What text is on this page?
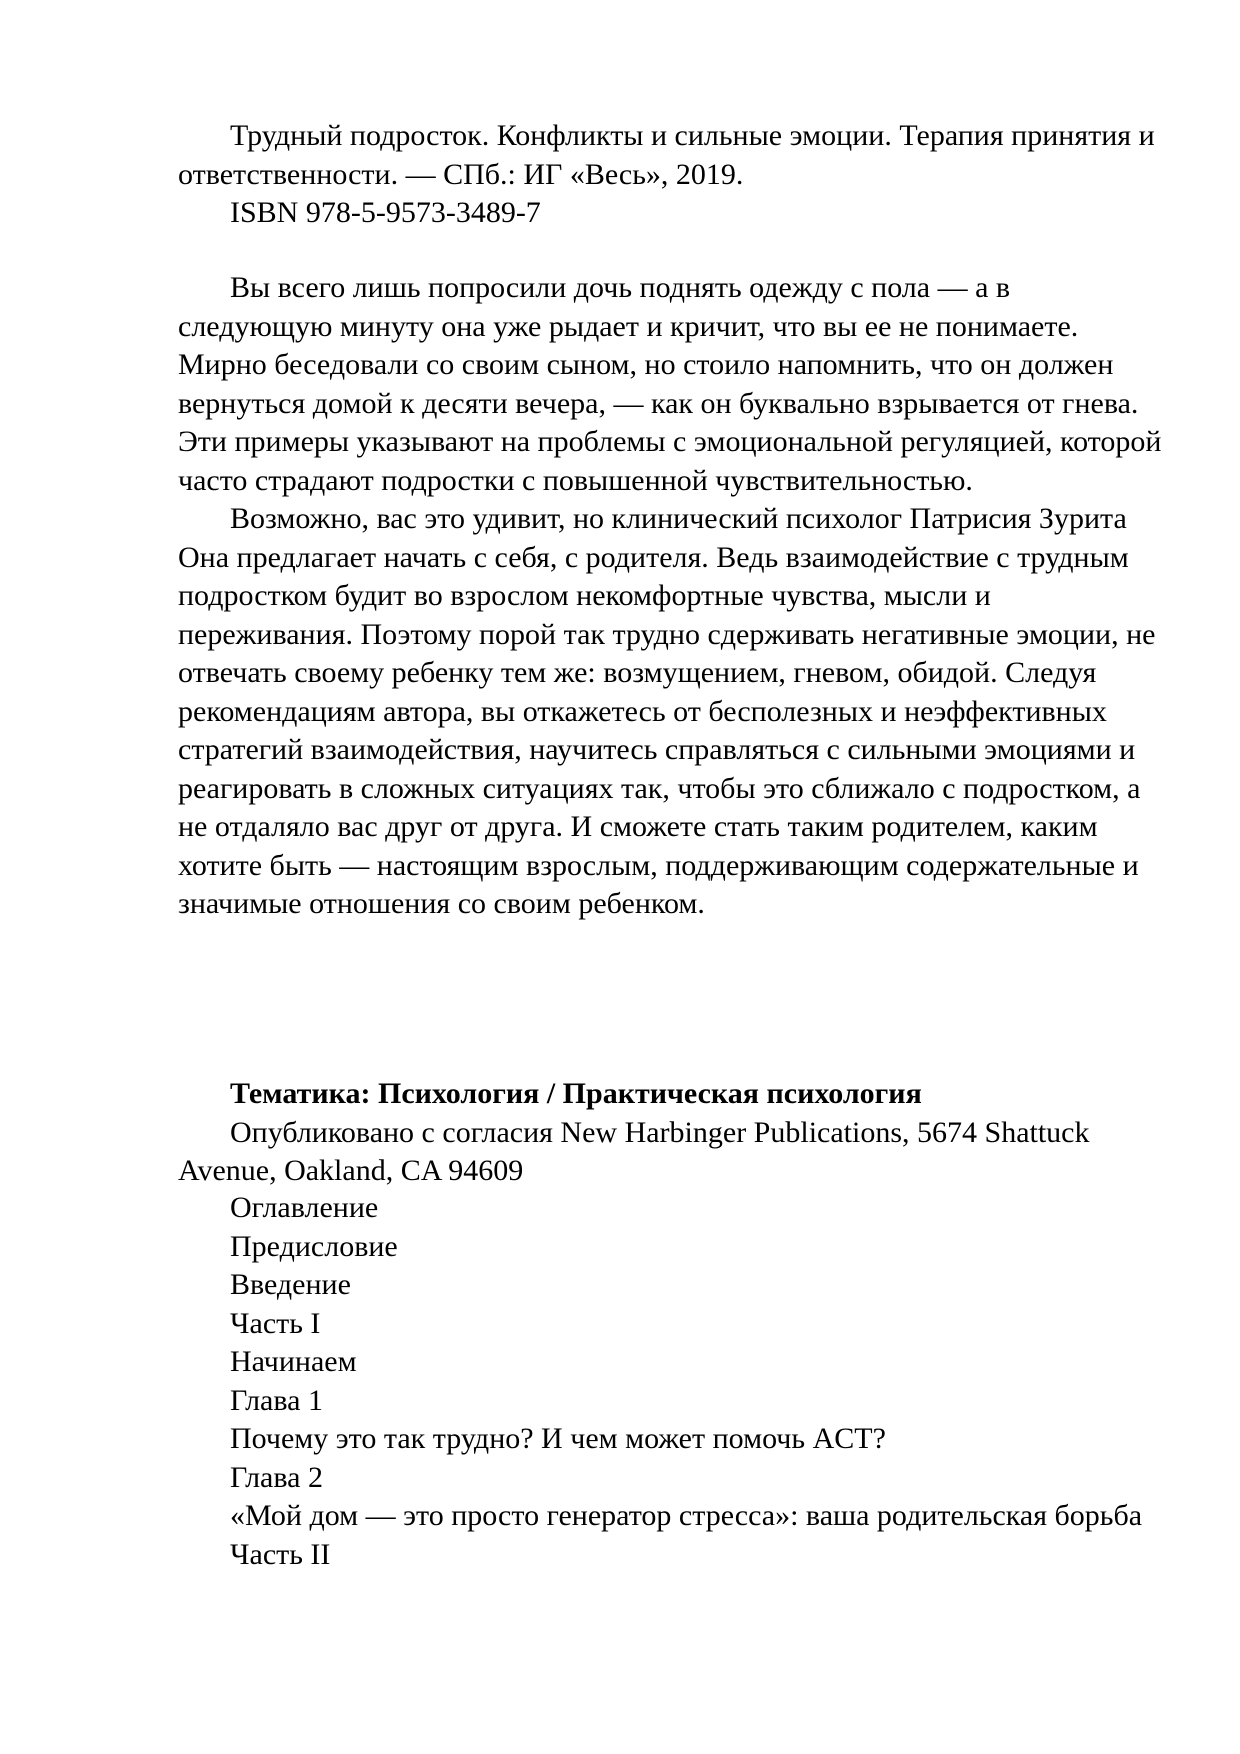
Трудный подросток. Конфликты и сильные эмоции. Терапия принятия и ответственности. — СПб.: ИГ «Весь», 2019.

ISBN 978-5-9573-3489-7

Вы всего лишь попросили дочь поднять одежду с пола — а в следующую минуту она уже рыдает и кричит, что вы ее не понимаете. Мирно беседовали со своим сыном, но стоило напомнить, что он должен вернуться домой к десяти вечера, — как он буквально взрывается от гнева. Эти примеры указывают на проблемы с эмоциональной регуляцией, которой часто страдают подростки с повышенной чувствительностью.

Возможно, вас это удивит, но клинический психолог Патрисия Зурита Она предлагает начать с себя, с родителя. Ведь взаимодействие с трудным подростком будит во взрослом некомфортные чувства, мысли и переживания. Поэтому порой так трудно сдерживать негативные эмоции, не отвечать своему ребенку тем же: возмущением, гневом, обидой. Следуя рекомендациям автора, вы откажетесь от бесполезных и неэффективных стратегий взаимодействия, научитесь справляться с сильными эмоциями и реагировать в сложных ситуациях так, чтобы это сближало с подростком, а не отдаляло вас друг от друга. И сможете стать таким родителем, каким хотите быть — настоящим взрослым, поддерживающим содержательные и значимые отношения со своим ребенком.

Тематика: Психология / Практическая психология

Опубликовано с согласия New Harbinger Publications, 5674 Shattuck Avenue, Oakland, CA 94609

Оглавление

Предисловие

Введение

Часть I

Начинаем

Глава 1

Почему это так трудно? И чем может помочь ACT?

Глава 2

«Мой дом — это просто генератор стресса»: ваша родительская борьба

Часть II
